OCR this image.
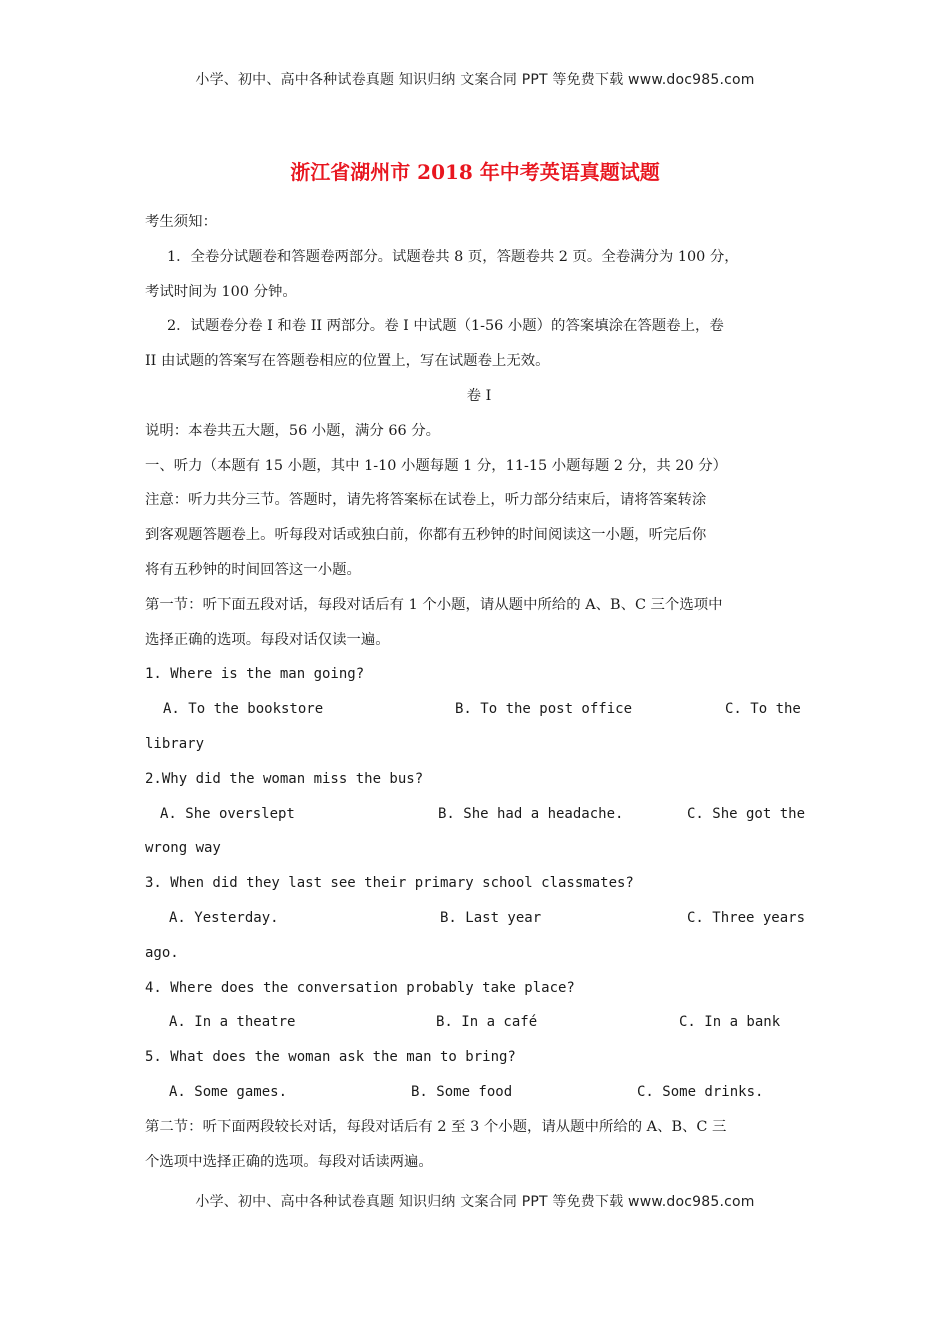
小学、初中、高中各种试卷真题 知识归纳 文案合同 PPT 等免费下载 www.doc985.com
浙江省湖州市 2018 年中考英语真题试题
考生须知：
1．全卷分试题卷和答题卷两部分。试题卷共 8 页，答题卷共 2 页。全卷满分为 100 分，
考试时间为 100 分钟。
2．试题卷分卷 I 和卷 II 两部分。卷 I 中试题（1-56 小题）的答案填涂在答题卷上，卷
II 由试题的答案写在答题卷相应的位置上，写在试题卷上无效。
卷 I
说明：本卷共五大题，56 小题，满分 66 分。
一、听力（本题有 15 小题，其中 1-10 小题每题 1 分，11-15 小题每题 2 分，共 20 分）
注意：听力共分三节。答题时，请先将答案标在试卷上，听力部分结束后，请将答案转涂
到客观题答题卷上。听每段对话或独白前，你都有五秒钟的时间阅读这一小题，听完后你
将有五秒钟的时间回答这一小题。
第一节：听下面五段对话，每段对话后有 1 个小题，请从题中所给的 A、B、C 三个选项中
选择正确的选项。每段对话仅读一遍。
1. Where is the man going?
A. To the bookstore	B. To the post office	C. To the
library
2.Why did the woman miss the bus?
A. She overslept	B. She had a headache.	C. She got the
wrong way
3. When did they last see their primary school classmates?
A. Yesterday.	B. Last year	C. Three years
ago.
4. Where does the conversation probably take place?
A. In a theatre	B. In a café	C. In a bank
5. What does the woman ask the man to bring?
A. Some games.	B. Some food	C. Some drinks.
第二节：听下面两段较长对话，每段对话后有 2 至 3 个小题，请从题中所给的 A、B、C 三
个选项中选择正确的选项。每段对话读两遍。
小学、初中、高中各种试卷真题 知识归纳 文案合同 PPT 等免费下载 www.doc985.com
